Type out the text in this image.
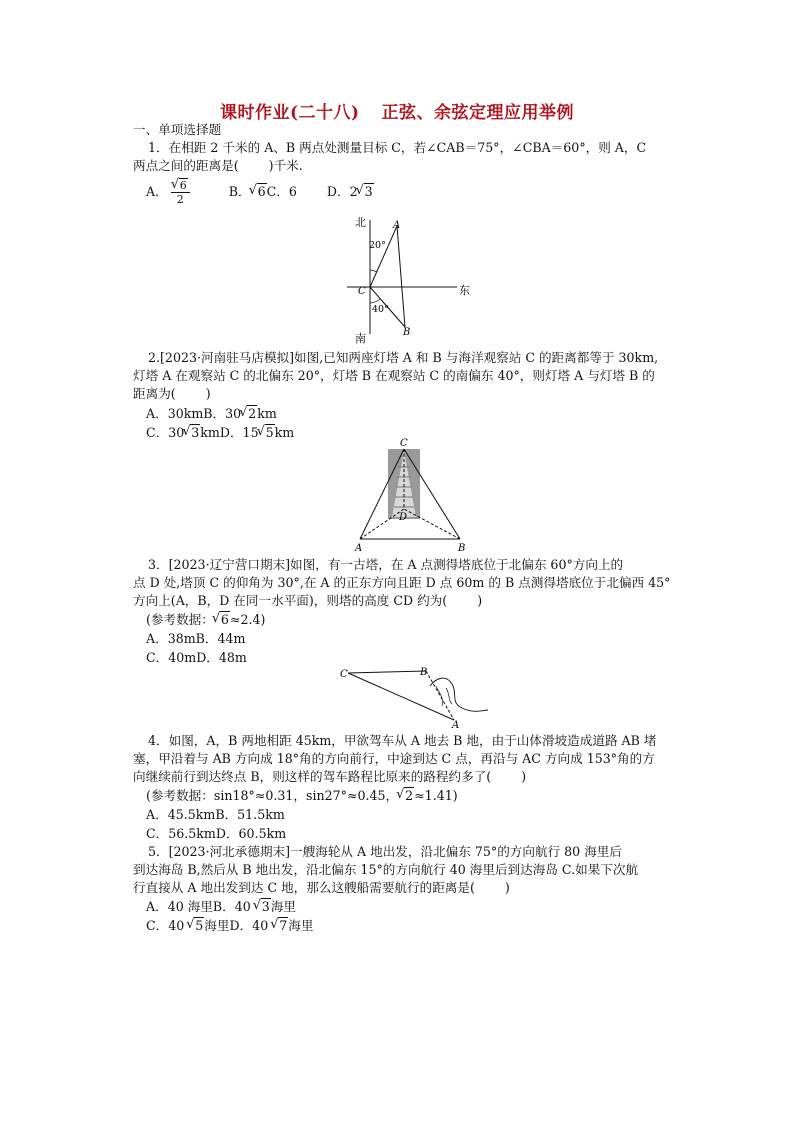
课时作业(二十八) 正弦、余弦定理应用举例
一、单项选择题
1．在相距 2 千米的 A、B 两点处测量目标 C，若∠CAB＝75°，∠CBA＝60°，则 A，C
两点之间的距离是( )千米.
A． √ $\frac{6}{2}$	B． √ 6C．6 D．2 √ 3
北
南
东
A
B
C
20°
40°
2.[2023·河南驻马店模拟]如图,已知两座灯塔 A 和 B 与海洋观察站 C 的距离都等于 30km,
灯塔 A 在观察站 C 的北偏东 20°，灯塔 B 在观察站 C 的南偏东 40°，则灯塔 A 与灯塔 B 的
距离为( )
A．30kmB．30 √ 2km
C．30 √ 3kmD．15 √ 5km
C
D
A	B
3．[2023·辽宁营口期末]如图，有一古塔，在 A 点测得塔底位于北偏东 60°方向上的
点 D 处,塔顶 C 的仰角为 30°,在 A 的正东方向且距 D 点 60m 的 B 点测得塔底位于北偏西 45°
方向上(A，B，D 在同一水平面)，则塔的高度 CD 约为( )
(参考数据： √ 6≈2.4)
A．38mB．44m
C．40mD．48m
C	B
A
4．如图，A，B 两地相距 45km，甲欲驾车从 A 地去 B 地，由于山体滑坡造成道路 AB 堵
塞，甲沿着与 AB 方向成 18°角的方向前行，中途到达 C 点，再沿与 AC 方向成 153°角的方
向继续前行到达终点 B，则这样的驾车路程比原来的路程约多了( )
(参考数据：sin18°≈0.31，sin27°≈0.45， √ 2≈1.41)
A．45.5kmB．51.5km
C．56.5kmD．60.5km
5．[2023·河北承德期末]一艘海轮从 A 地出发，沿北偏东 75°的方向航行 80 海里后
到达海岛 B,然后从 B 地出发，沿北偏东 15°的方向航行 40 海里后到达海岛 C.如果下次航
行直接从 A 地出发到达 C 地，那么这艘船需要航行的距离是( )
A．40 海里B．40 √ 3海里
C．40 √ 5海里D．40 √ 7海里
